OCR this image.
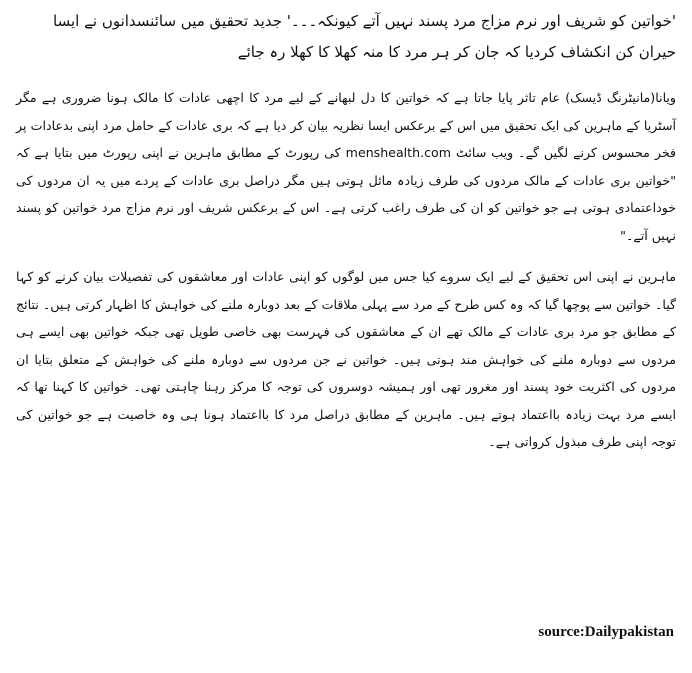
'خواتین کو شریف اور نرم مزاج مرد پسند نہیں آتے کیونکہ۔۔۔' جدید تحقیق میں سائنسدانوں نے ایسا حیران کن انکشاف کردیا کہ جان کر ہر مرد کا منہ کھلا کا کھلا رہ جائے

ویانا(مانیٹرنگ ڈیسک) عام تاثر پایا جاتا ہے کہ خواتین کا دل لبھانے کے لیے مرد کا اچھی عادات کا مالک ہونا ضروری ہے مگر آسٹریا کے ماہرین کی ایک تحقیق میں اس کے برعکس ایسا نظریہ بیان کر دیا ہے کہ بری عادات کے حامل مرد اپنی بدعادات پر فخر محسوس کرنے لگیں گے۔ ویب سائٹ menshealth.com کی رپورٹ کے مطابق ماہرین نے اپنی رپورٹ میں بتایا ہے کہ "خواتین بری عادات کے مالک مردوں کی طرف زیادہ مائل ہوتی ہیں مگر دراصل بری عادات کے پردے میں یہ ان مردوں کی خوداعتمادی ہوتی ہے جو خواتین کو ان کی طرف راغب کرتی ہے۔ اس کے برعکس شریف اور نرم مزاج مرد خواتین کو پسند نہیں آتے۔"

ماہرین نے اپنی اس تحقیق کے لیے ایک سروے کیا جس میں لوگوں کو اپنی عادات اور معاشقوں کی تفصیلات بیان کرنے کو کہا گیا۔ خواتین سے پوچھا گیا کہ وہ کس طرح کے مرد سے پہلی ملاقات کے بعد دوبارہ ملنے کی خواہش کا اظہار کرتی ہیں۔ نتائج کے مطابق جو مرد بری عادات کے مالک تھے ان کے معاشقوں کی فہرست بھی خاصی طویل تھی جبکہ خواتین بھی ایسے ہی مردوں سے دوبارہ ملنے کی خواہش مند ہوتی ہیں۔ خواتین نے جن مردوں سے دوبارہ ملنے کی خواہش کے متعلق بتایا ان مردوں کی اکثریت خود پسند اور مغرور تھی اور ہمیشہ دوسروں کی توجہ کا مرکز رہنا چاہتی تھی۔ خواتین کا کہنا تھا کہ ایسے مرد بہت زیادہ بااعتماد ہوتے ہیں۔ ماہرین کے مطابق دراصل مرد کا بااعتماد ہونا ہی وہ خاصیت ہے جو خواتین کی توجہ اپنی طرف مبذول کرواتی ہے۔

source:Dailypakistan
